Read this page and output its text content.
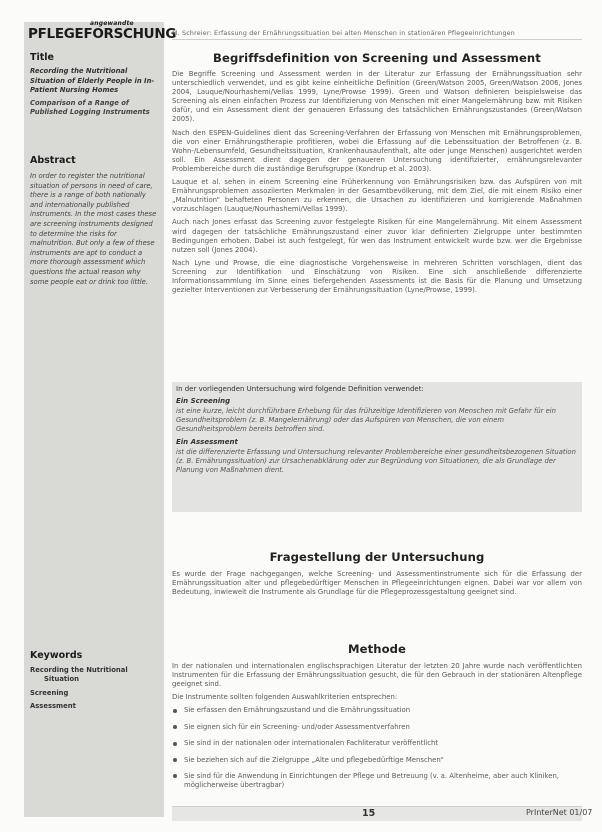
angewandte
PFLEGEFORSCHUNG
Title
Recording the Nutritional Situation of Elderly People in In-Patient Nursing Homes
Comparison of a Range of Published Logging Instruments
Abstract
In order to register the nutritional situation of persons in need of care, there is a range of both nationally and internationally published instruments. In the most cases these are screening instruments designed to determine the risks for malnutrition. But only a few of these instruments are apt to conduct a more thorough assessment which questions the actual reason why some people eat or drink too little.
Keywords
Recording the Nutritional
Situation
Screening
Assessment
M. Schreier: Erfassung der Ernährungssituation bei alten Menschen in stationären Pflegeeinrichtungen
Begriffsdefinition von Screening und Assessment

Die Begriffe Screening und Assessment werden in der Literatur zur Erfassung der Ernährungssituation sehr unterschiedlich verwendet, und es gibt keine einheitliche Definition (Green/Watson 2005, Green/Watson 2006, Jones 2004, Lauque/Nourhashemi/Vellas 1999, Lyne/Prowse 1999). Green und Watson definieren beispielsweise das Screening als einen einfachen Prozess zur Identifizierung von Menschen mit einer Mangelernährung bzw. mit Risiken dafür, und ein Assessment dient der genaueren Erfassung des tatsächlichen Ernährungszustandes (Green/Watson 2005).

Nach den ESPEN-Guidelines dient das Screening-Verfahren der Erfassung von Menschen mit Ernährungsproblemen, die von einer Ernährungstherapie profitieren, wobei die Erfassung auf die Lebenssituation der Betroffenen (z. B. Wohn-/Lebensumfeld, Gesundheitssituation, Krankenhausaufenthalt, alte oder junge Menschen) ausgerichtet werden soll. Ein Assessment dient dagegen der genaueren Untersuchung identifizierter, ernährungsrelevanter Problembereiche durch die zuständige Berufsgruppe (Kondrup et al. 2003).

Lauque et al. sehen in einem Screening eine Früherkennung von Ernährungsrisiken bzw. das Aufspüren von mit Ernährungsproblemen assoziierten Merkmalen in der Gesamtbevölkerung, mit dem Ziel, die mit einem Risiko einer „Malnutrition“ behafteten Personen zu erkennen, die Ursachen zu identifizieren und korrigierende Maßnahmen vorzuschlagen (Lauque/Nourhashemi/Vellas 1999).

Auch nach Jones erfasst das Screening zuvor festgelegte Risiken für eine Mangelernährung. Mit einem Assessment wird dagegen der tatsächliche Ernährungszustand einer zuvor klar definierten Zielgruppe unter bestimmten Bedingungen erhoben. Dabei ist auch festgelegt, für wen das Instrument entwickelt wurde bzw. wer die Ergebnisse nutzen soll (Jones 2004).

Nach Lyne und Prowse, die eine diagnostische Vorgehensweise in mehreren Schritten vorschlagen, dient das Screening zur Identifikation und Einschätzung von Risiken. Eine sich anschließende differenzierte Informationssammlung im Sinne eines tiefergehenden Assessments ist die Basis für die Planung und Umsetzung gezielter Interventionen zur Verbesserung der Ernährungssituation (Lyne/Prowse, 1999).

In der vorliegenden Untersuchung wird folgende Definition verwendet:
Ein Screening
ist eine kurze, leicht durchführbare Erhebung für das frühzeitige Identifizieren von Menschen mit Gefahr für ein Gesundheitsproblem (z. B. Mangelernährung) oder das Aufspüren von Menschen, die von einem Gesundheitsproblem bereits betroffen sind.
Ein Assessment
ist die differenzierte Erfassung und Untersuchung relevanter Problembereiche einer gesundheitsbezogenen Situation (z. B. Ernährungssituation) zur Ursachenabklärung oder zur Begründung von Situationen, die als Grundlage der Planung von Maßnahmen dient.
Fragestellung der Untersuchung

Es wurde der Frage nachgegangen, welche Screening- und Assessmentinstrumente sich für die Erfassung der Ernährungssituation alter und pflegebedürftiger Menschen in Pflegeeinrichtungen eignen. Dabei war vor allem von Bedeutung, inwieweit die Instrumente als Grundlage für die Pflegeprozessgestaltung geeignet sind.

Methode

In der nationalen und internationalen englischsprachigen Literatur der letzten 20 Jahre wurde nach veröffentlichten Instrumenten für die Erfassung der Ernährungssituation gesucht, die für den Gebrauch in der stationären Altenpflege geeignet sind.

Die Instrumente sollten folgenden Auswahlkriterien entsprechen:

Sie erfassen den Ernährungszustand und die Ernährungssituation
Sie eignen sich für ein Screening- und/oder Assessmentverfahren
Sie sind in der nationalen oder internationalen Fachliteratur veröffentlicht
Sie beziehen sich auf die Zielgruppe „Alte und pflegebedürftige Menschen“
Sie sind für die Anwendung in Einrichtungen der Pflege und Betreuung (v. a. Altenheime, aber auch Kliniken, möglicherweise übertragbar)
15	PrInterNet 01/07
